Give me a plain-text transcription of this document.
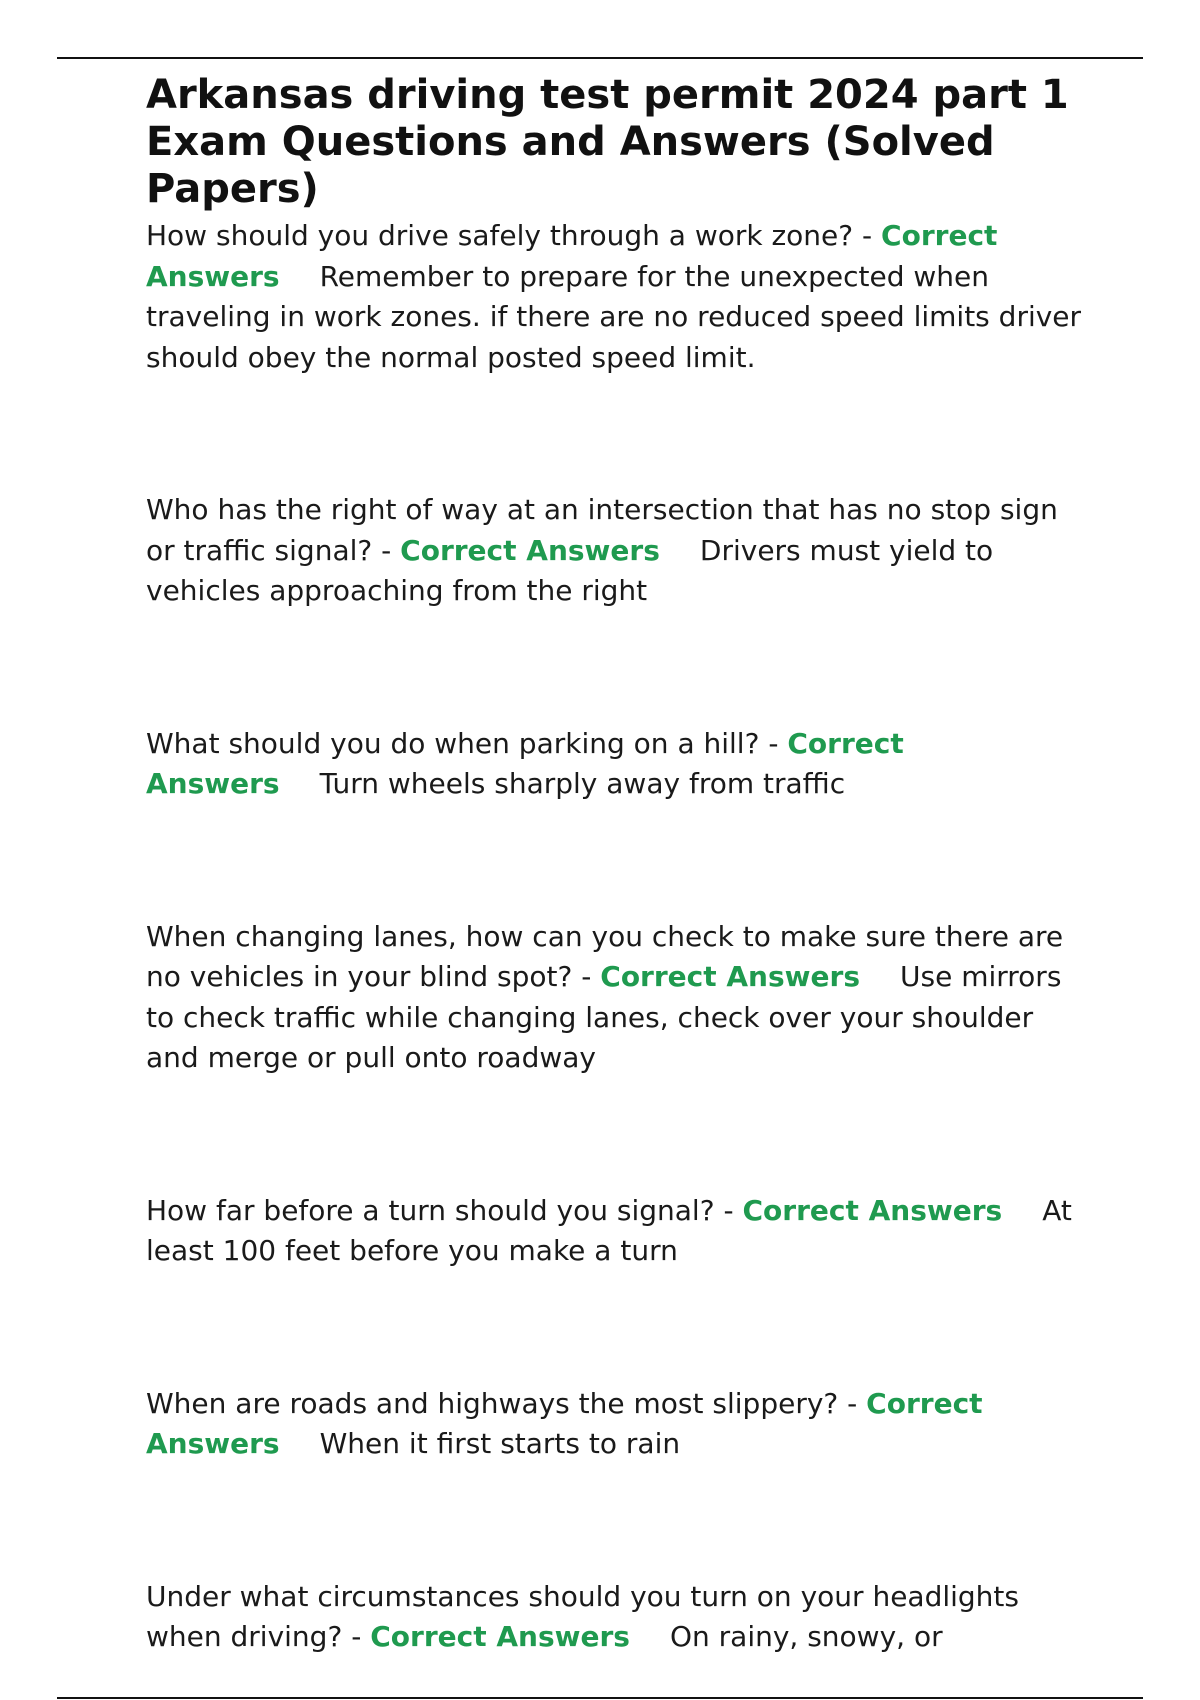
Arkansas driving test permit 2024 part 1 Exam Questions and Answers (Solved Papers)

How should you drive safely through a work zone? - Correct Answers Remember to prepare for the unexpected when traveling in work zones. if there are no reduced speed limits driver should obey the normal posted speed limit.

Who has the right of way at an intersection that has no stop sign or traffic signal? - Correct Answers Drivers must yield to vehicles approaching from the right

What should you do when parking on a hill? - Correct Answers Turn wheels sharply away from traffic

When changing lanes, how can you check to make sure there are no vehicles in your blind spot? - Correct Answers Use mirrors to check traffic while changing lanes, check over your shoulder and merge or pull onto roadway

How far before a turn should you signal? - Correct Answers At least 100 feet before you make a turn

When are roads and highways the most slippery? - Correct Answers When it first starts to rain

Under what circumstances should you turn on your headlights when driving? - Correct Answers On rainy, snowy, or
